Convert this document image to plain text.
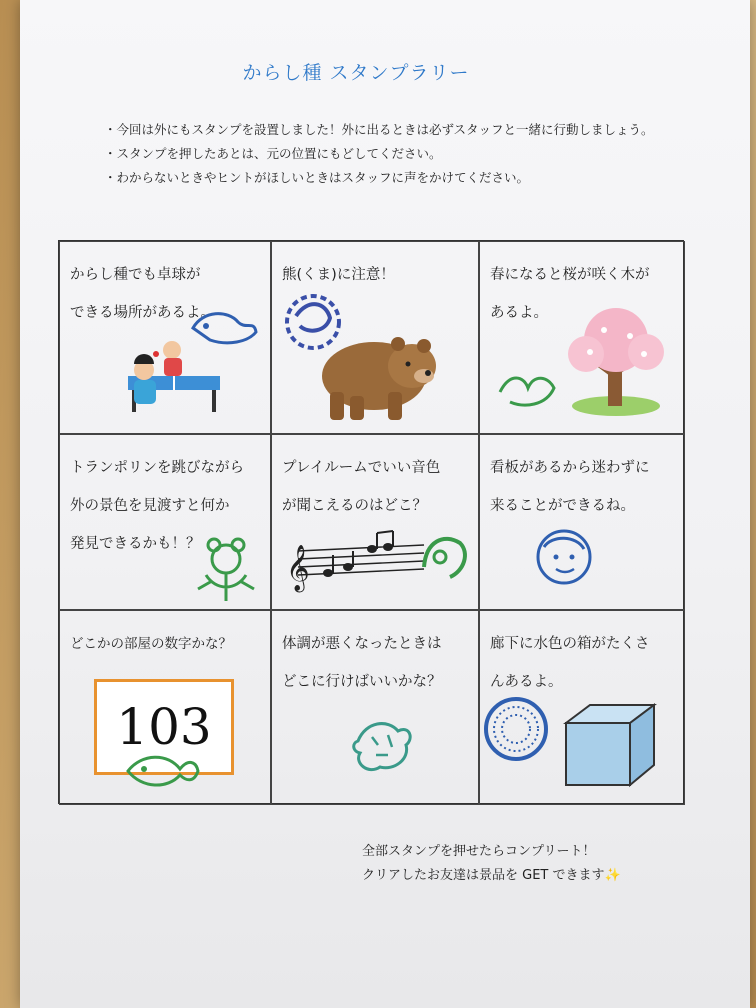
からし種 スタンプラリー
・今回は外にもスタンプを設置しました！外に出るときは必ずスタッフと一緒に行動しましょう。
・スタンプを押したあとは、元の位置にもどしてください。
・わからないときやヒントがほしいときはスタッフに声をかけてください。
からし種でも卓球が
できる場所があるよ。
熊(くま)に注意！	春になると桜が咲く木が
あるよ。
トランポリンを跳びながら
外の景色を見渡すと何か
発見できるかも！？
プレイルームでいい音色
が聞こえるのはどこ？
𝄞
看板があるから迷わずに
来ることができるね。
どこかの部屋の数字かな？
103
体調が悪くなったときは
どこに行けばいいかな？
廊下に水色の箱がたくさ
んあるよ。
全部スタンプを押せたらコンプリート！
クリアしたお友達は景品を GET できます✨
